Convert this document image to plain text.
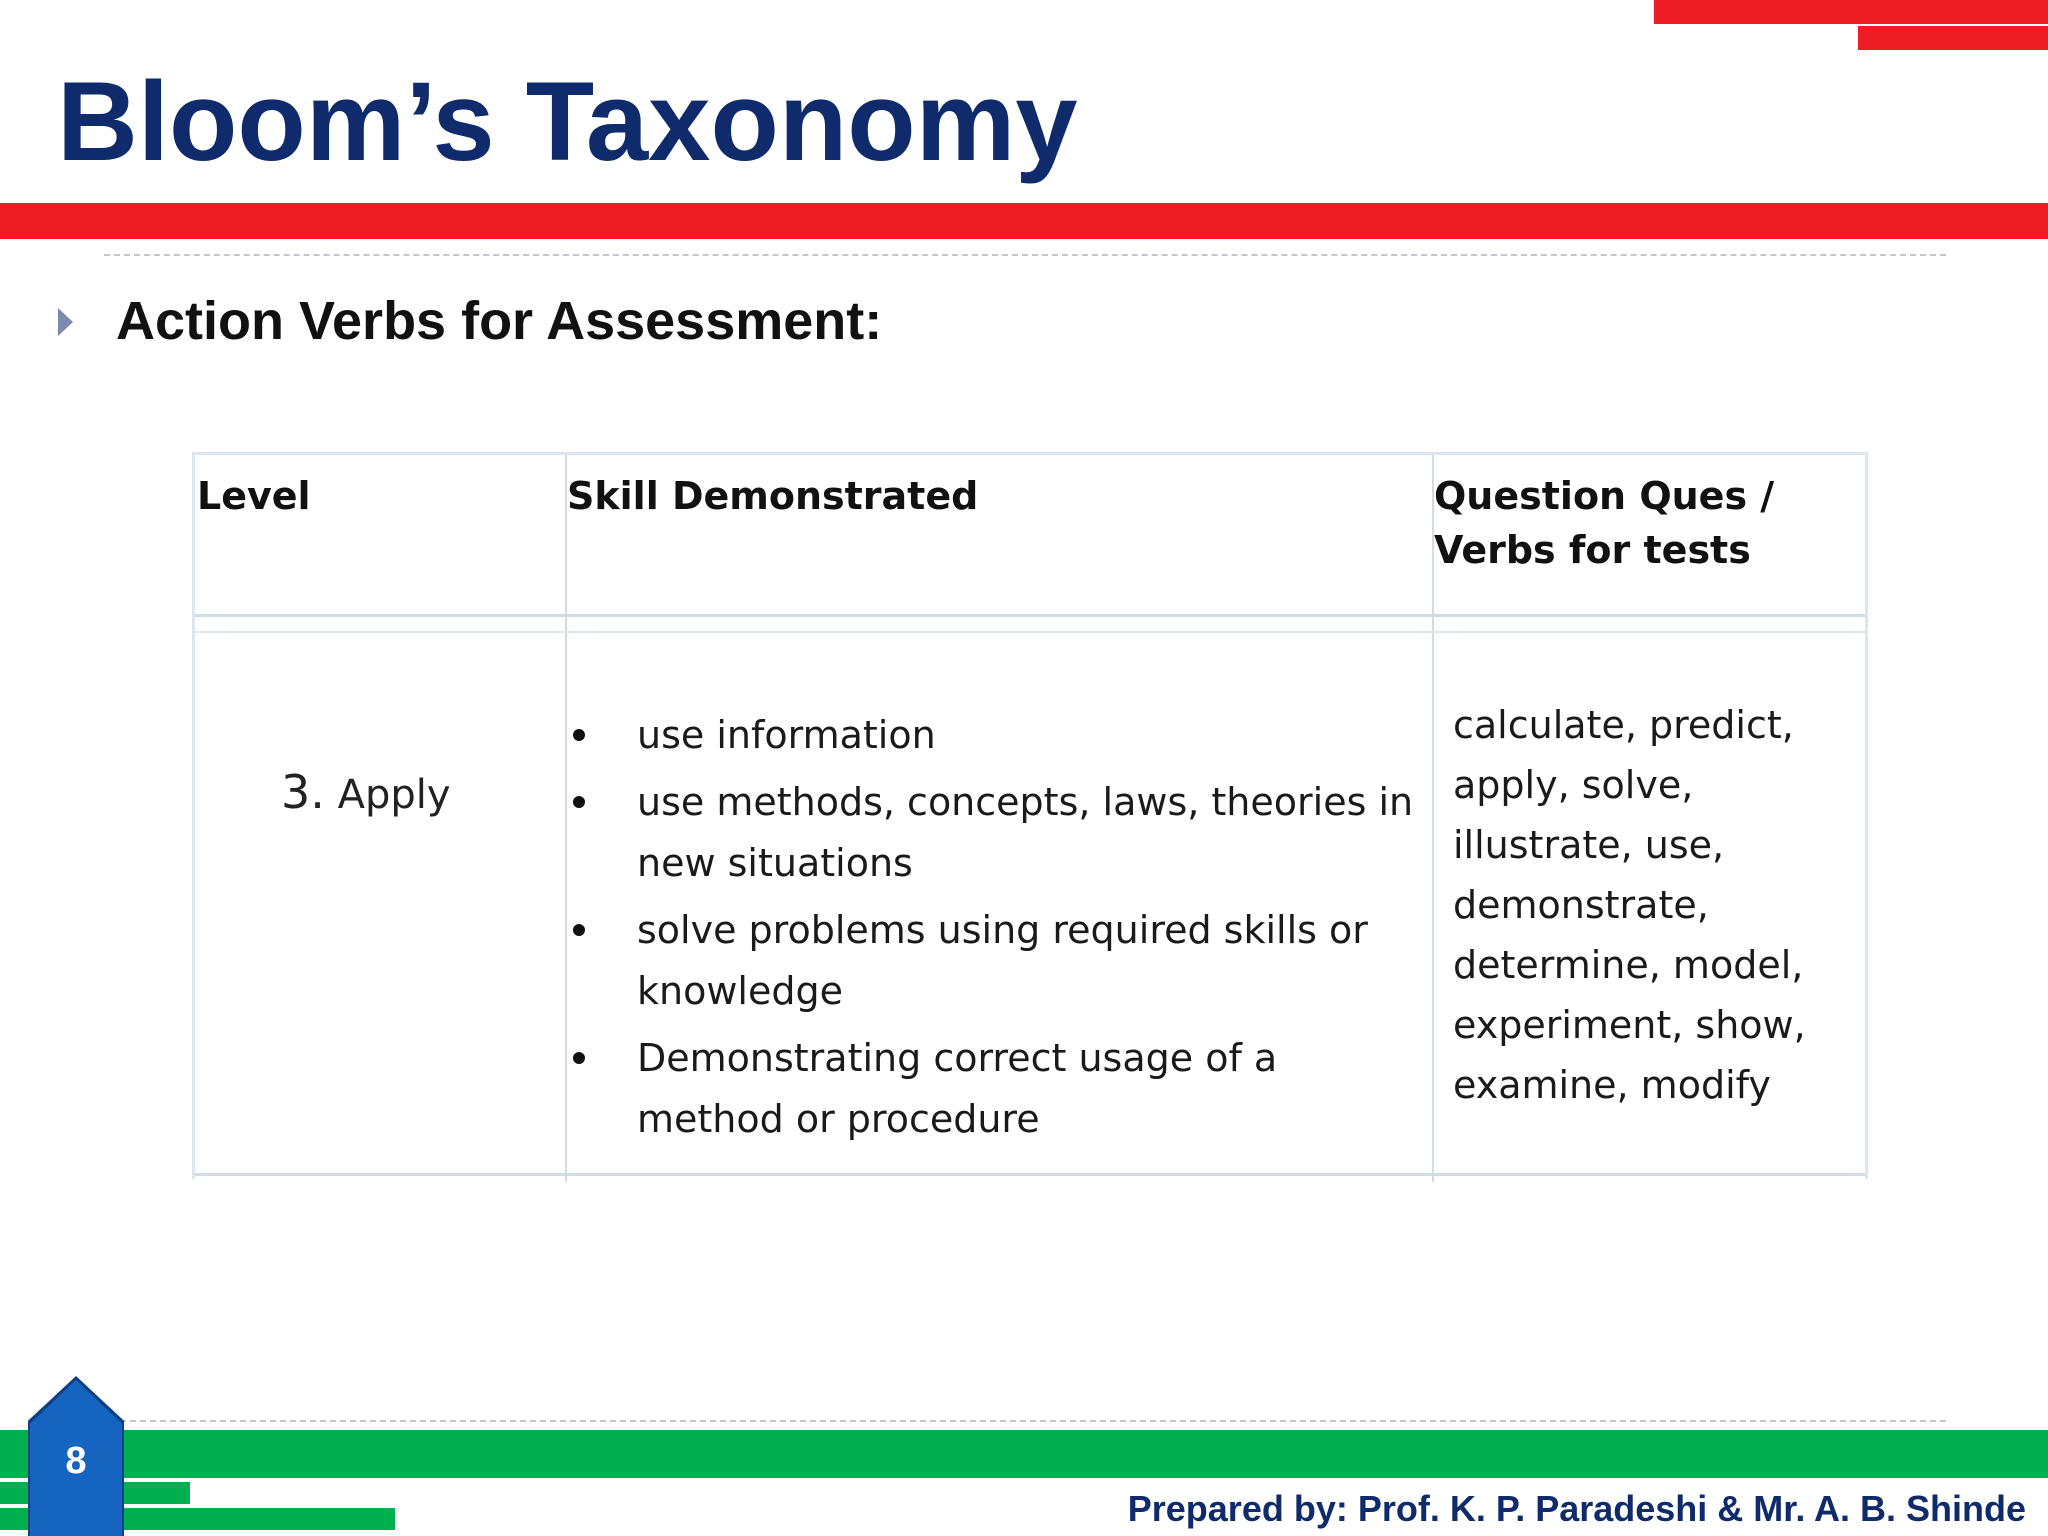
Bloom’s Taxonomy
Action Verbs for Assessment:
Level	Skill Demonstrated	Question Ques / Verbs for tests
3. Apply
use information
use methods, concepts, laws, theories in new situations
solve problems using required skills or knowledge
Demonstrating correct usage of a method or procedure
calculate, predict, apply, solve,
illustrate, use,
demonstrate,
determine, model,
experiment, show,
examine, modify
8
Prepared by: Prof. K. P. Paradeshi & Mr. A. B. Shinde
